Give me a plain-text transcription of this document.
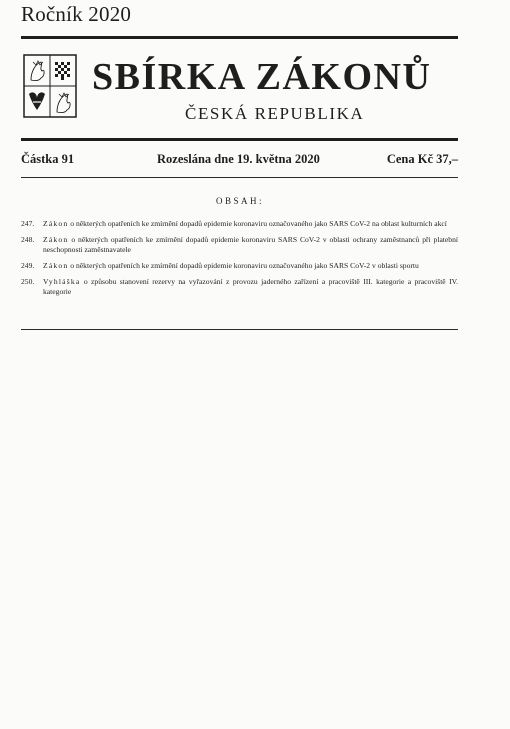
Ročník 2020
SBÍRKA ZÁKONŮ
ČESKÁ REPUBLIKA
Částka 91	Rozeslána dne 19. května 2020	Cena Kč 37,–
OBSAH:
247.	Zákon o některých opatřeních ke zmírnění dopadů epidemie koronaviru označovaného jako SARS CoV-2 na oblast kulturních akcí
248.	Zákon o některých opatřeních ke zmírnění dopadů epidemie koronaviru SARS CoV-2 v oblasti ochrany zaměstnanců při platební neschopnosti zaměstnavatele
249.	Zákon o některých opatřeních ke zmírnění dopadů epidemie koronaviru označovaného jako SARS CoV-2 v oblasti sportu
250.	Vyhláška o způsobu stanovení rezervy na vyřazování z provozu jaderného zařízení a pracoviště III. kategorie a pracoviště IV. kategorie
